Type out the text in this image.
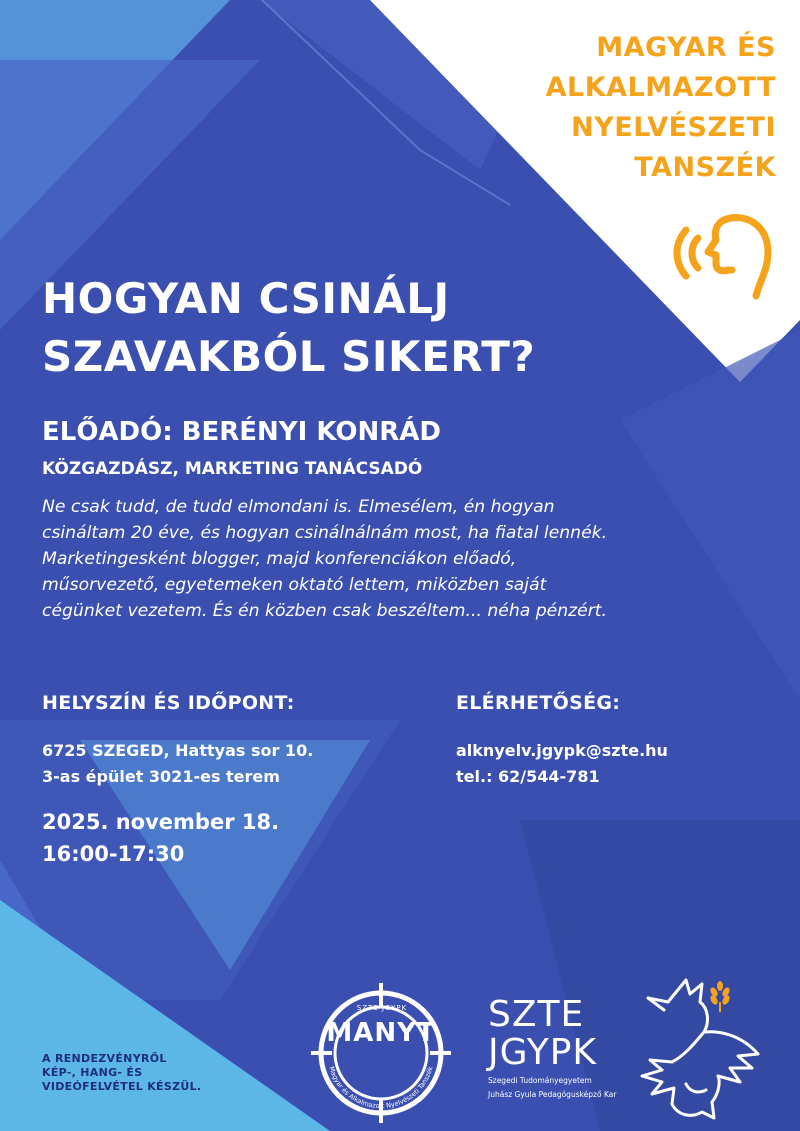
MAGYAR ÉS
ALKALMAZOTT
NYELVÉSZETI
TANSZÉK
HOGYAN CSINÁLJ
SZAVAKBÓL SIKERT?
ELŐADÓ: BERÉNYI KONRÁD
KÖZGAZDÁSZ, MARKETING TANÁCSADÓ
Ne csak tudd, de tudd elmondani is. Elmesélem, én hogyan
csináltam 20 éve, és hogyan csinálnálnám most, ha fiatal lennék.
Marketingesként blogger, majd konferenciákon előadó,
műsorvezető, egyetemeken oktató lettem, miközben saját
cégünket vezetem. És én közben csak beszéltem... néha pénzért.
HELYSZÍN ÉS IDŐPONT:	ELÉRHETŐSÉG:
6725 SZEGED, Hattyas sor 10.
3-as épület 3021-es terem
alknyelv.jgypk@szte.hu
tel.: 62/544-781
2025. november 18.
16:00-17:30
A RENDEZVÉNYRŐL
KÉP-, HANG- ÉS
VIDEÓFELVÉTEL KÉSZÜL.
Magyar és Alkalmazott Nyelvészeti Tanszék
SZTE JGYPK
MANYT SZTE
JGYPK
Szegedi Tudományegyetem
Juhász Gyula Pedagógusképző Kar
